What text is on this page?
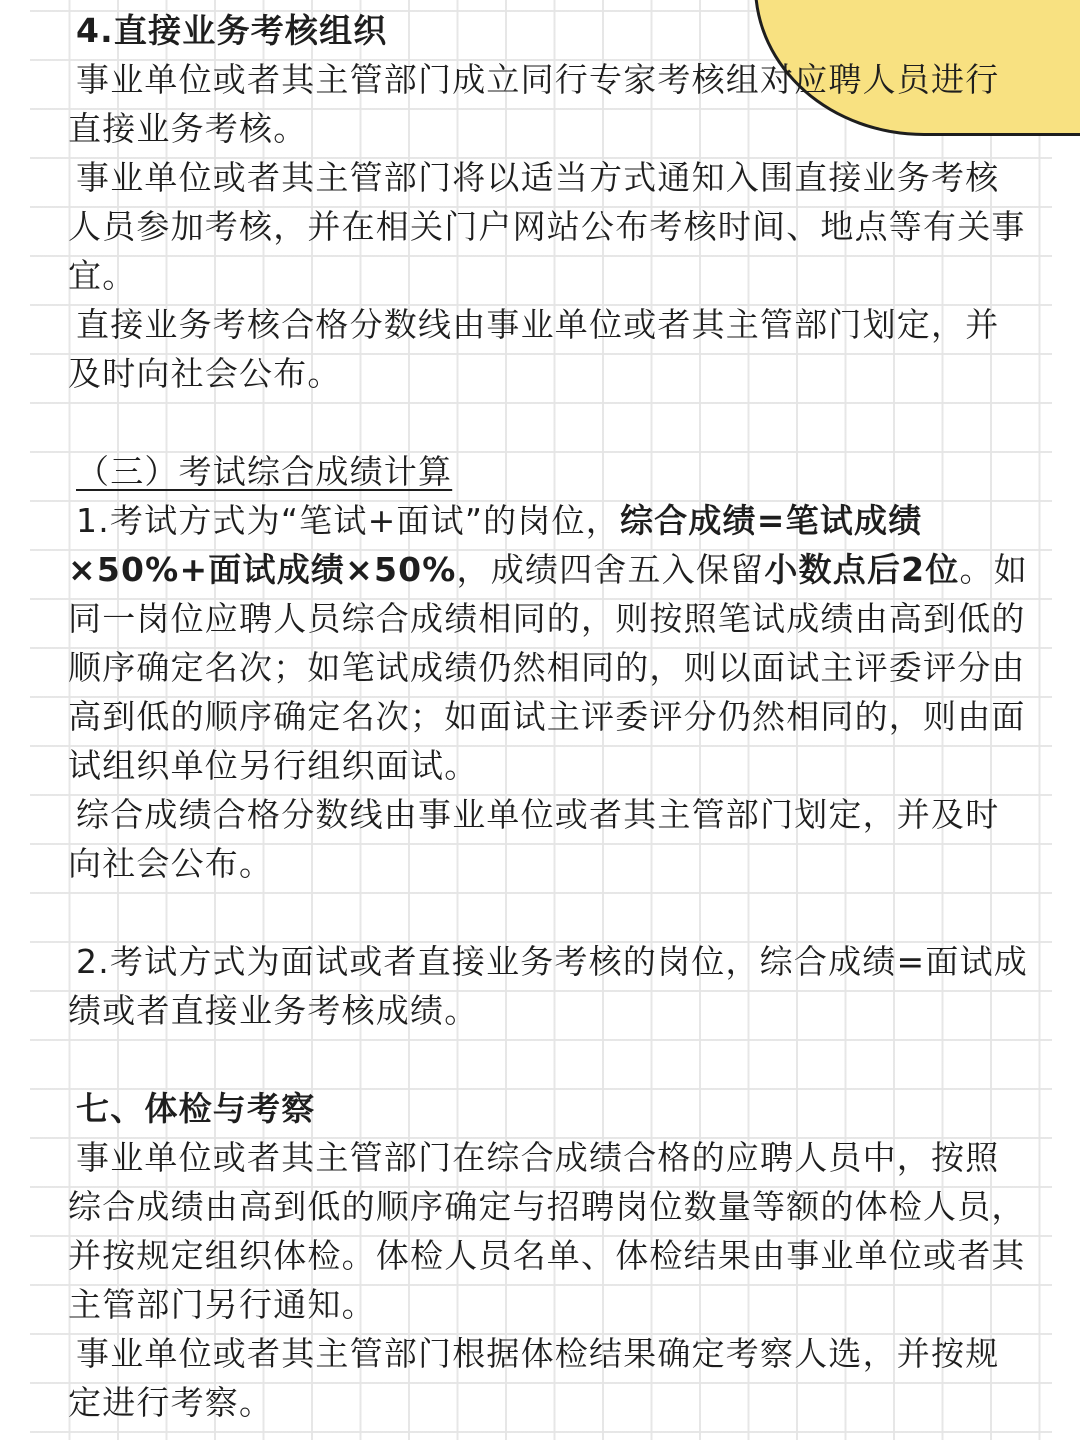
4.直接业务考核组织

事业单位或者其主管部门成立同行专家考核组对应聘人员进行直接业务考核。

事业单位或者其主管部门将以适当方式通知入围直接业务考核人员参加考核，并在相关门户网站公布考核时间、地点等有关事宜。

直接业务考核合格分数线由事业单位或者其主管部门划定，并及时向社会公布。

（三）考试综合成绩计算

1.考试方式为“笔试+面试”的岗位，综合成绩=笔试成绩×50%+面试成绩×50%，成绩四舍五入保留小数点后2位。如同一岗位应聘人员综合成绩相同的，则按照笔试成绩由高到低的顺序确定名次；如笔试成绩仍然相同的，则以面试主评委评分由高到低的顺序确定名次；如面试主评委评分仍然相同的，则由面试组织单位另行组织面试。

综合成绩合格分数线由事业单位或者其主管部门划定，并及时向社会公布。

2.考试方式为面试或者直接业务考核的岗位，综合成绩=面试成绩或者直接业务考核成绩。

七、体检与考察

事业单位或者其主管部门在综合成绩合格的应聘人员中，按照综合成绩由高到低的顺序确定与招聘岗位数量等额的体检人员，并按规定组织体检。体检人员名单、体检结果由事业单位或者其主管部门另行通知。

事业单位或者其主管部门根据体检结果确定考察人选，并按规定进行考察。
